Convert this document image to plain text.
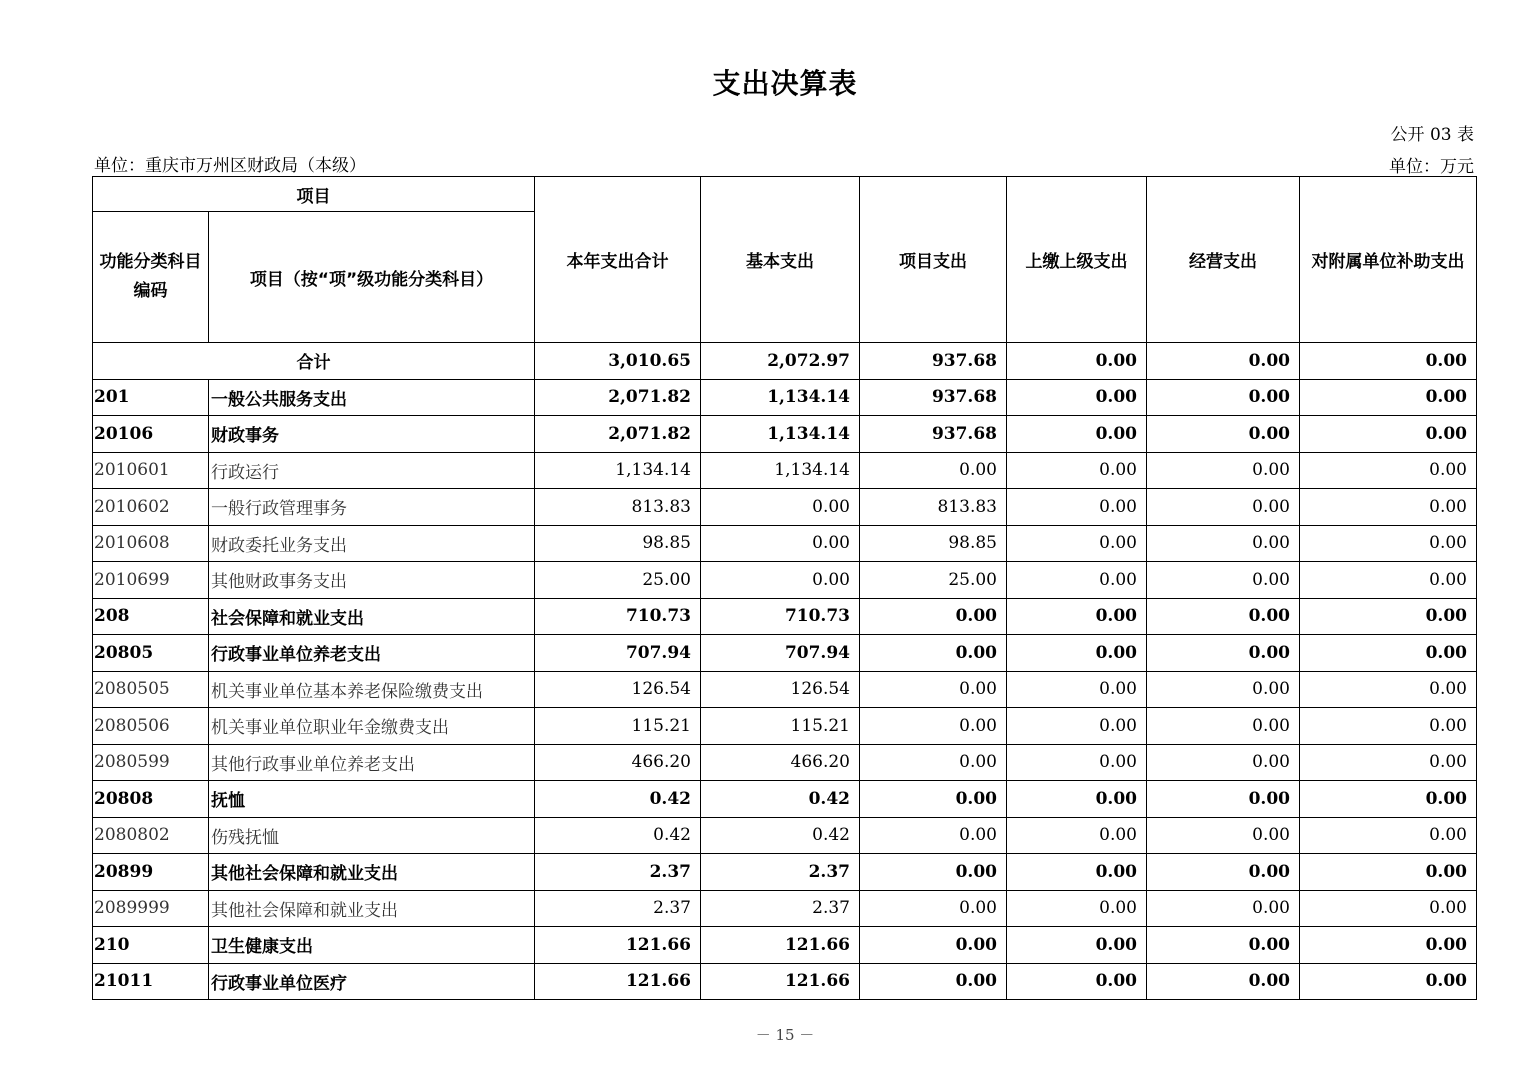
支出决算表
公开 03 表
单位：重庆市万州区财政局（本级）	单位：万元
项目		本年支出合计	基本支出	项目支出	上缴上级支出	经营支出	对附属单位补助支出
功能分类科目编码	项目（按“项”级功能分类科目）						
合计		3,010.65	2,072.97	937.68	0.00	0.00	0.00
201	一般公共服务支出	2,071.82	1,134.14	937.68	0.00	0.00	0.00
20106	财政事务	2,071.82	1,134.14	937.68	0.00	0.00	0.00
2010601	行政运行	1,134.14	1,134.14	0.00	0.00	0.00	0.00
2010602	一般行政管理事务	813.83	0.00	813.83	0.00	0.00	0.00
2010608	财政委托业务支出	98.85	0.00	98.85	0.00	0.00	0.00
2010699	其他财政事务支出	25.00	0.00	25.00	0.00	0.00	0.00
208	社会保障和就业支出	710.73	710.73	0.00	0.00	0.00	0.00
20805	行政事业单位养老支出	707.94	707.94	0.00	0.00	0.00	0.00
2080505	机关事业单位基本养老保险缴费支出	126.54	126.54	0.00	0.00	0.00	0.00
2080506	机关事业单位职业年金缴费支出	115.21	115.21	0.00	0.00	0.00	0.00
2080599	其他行政事业单位养老支出	466.20	466.20	0.00	0.00	0.00	0.00
20808	抚恤	0.42	0.42	0.00	0.00	0.00	0.00
2080802	伤残抚恤	0.42	0.42	0.00	0.00	0.00	0.00
20899	其他社会保障和就业支出	2.37	2.37	0.00	0.00	0.00	0.00
2089999	其他社会保障和就业支出	2.37	2.37	0.00	0.00	0.00	0.00
210	卫生健康支出	121.66	121.66	0.00	0.00	0.00	0.00
21011	行政事业单位医疗	121.66	121.66	0.00	0.00	0.00	0.00
－ 15 －
